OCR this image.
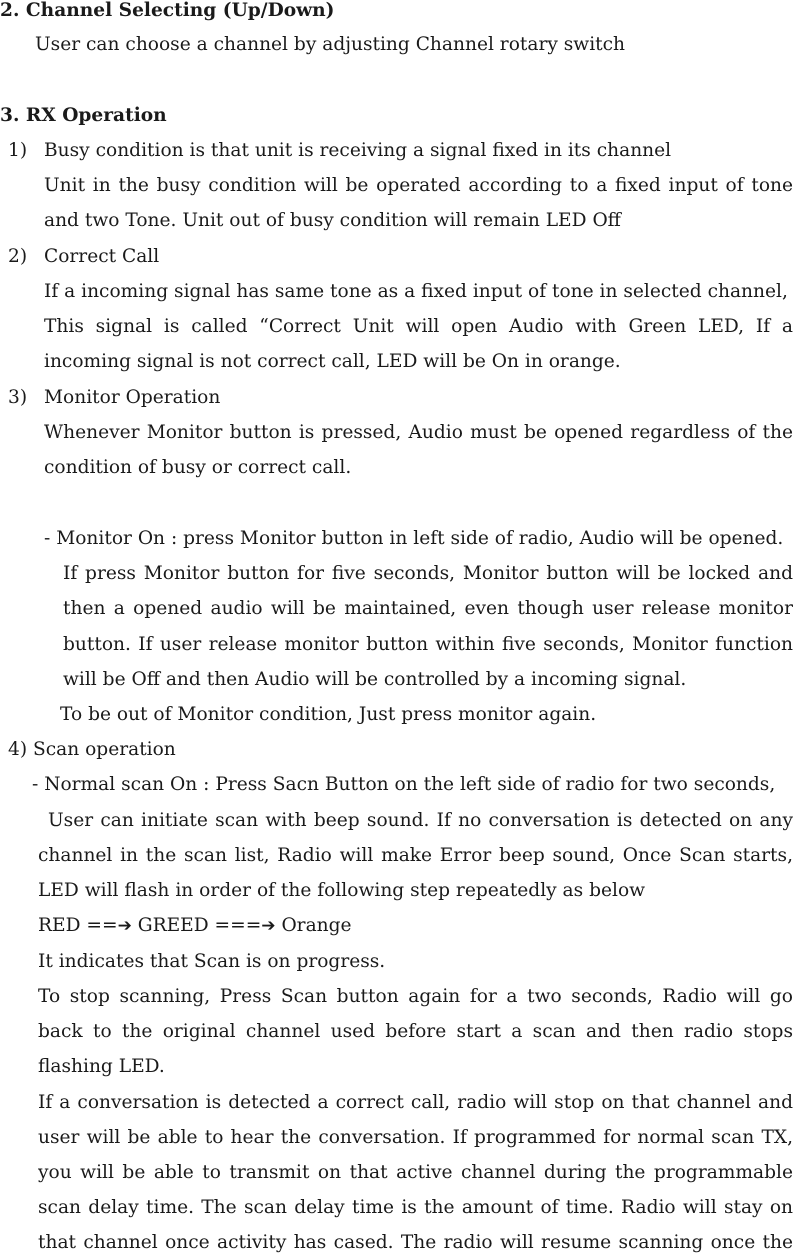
2. Channel Selecting (Up/Down)
User can choose a channel by adjusting Channel rotary switch
3. RX Operation
1) Busy condition is that unit is receiving a signal fixed in its channel
Unit in the busy condition will be operated according to a fixed input of tone
and two Tone. Unit out of busy condition will remain LED Off
2) Correct Call
If a incoming signal has same tone as a fixed input of tone in selected channel,
This signal is called “Correct Unit will open Audio with Green LED, If a
incoming signal is not correct call, LED will be On in orange.
3) Monitor Operation
Whenever Monitor button is pressed, Audio must be opened regardless of the
condition of busy or correct call.
- Monitor On : press Monitor button in left side of radio, Audio will be opened.
If press Monitor button for five seconds, Monitor button will be locked and
then a opened audio will be maintained, even though user release monitor
button. If user release monitor button within five seconds, Monitor function
will be Off and then Audio will be controlled by a incoming signal.
To be out of Monitor condition, Just press monitor again.
4) Scan operation
- Normal scan On : Press Sacn Button on the left side of radio for two seconds,
User can initiate scan with beep sound. If no conversation is detected on any
channel in the scan list, Radio will make Error beep sound, Once Scan starts,
LED will flash in order of the following step repeatedly as below
RED ==➔ GREED ===➔ Orange
It indicates that Scan is on progress.
To stop scanning, Press Scan button again for a two seconds, Radio will go
back to the original channel used before start a scan and then radio stops
flashing LED.
If a conversation is detected a correct call, radio will stop on that channel and
user will be able to hear the conversation. If programmed for normal scan TX,
you will be able to transmit on that active channel during the programmable
scan delay time. The scan delay time is the amount of time. Radio will stay on
that channel once activity has cased. The radio will resume scanning once the
